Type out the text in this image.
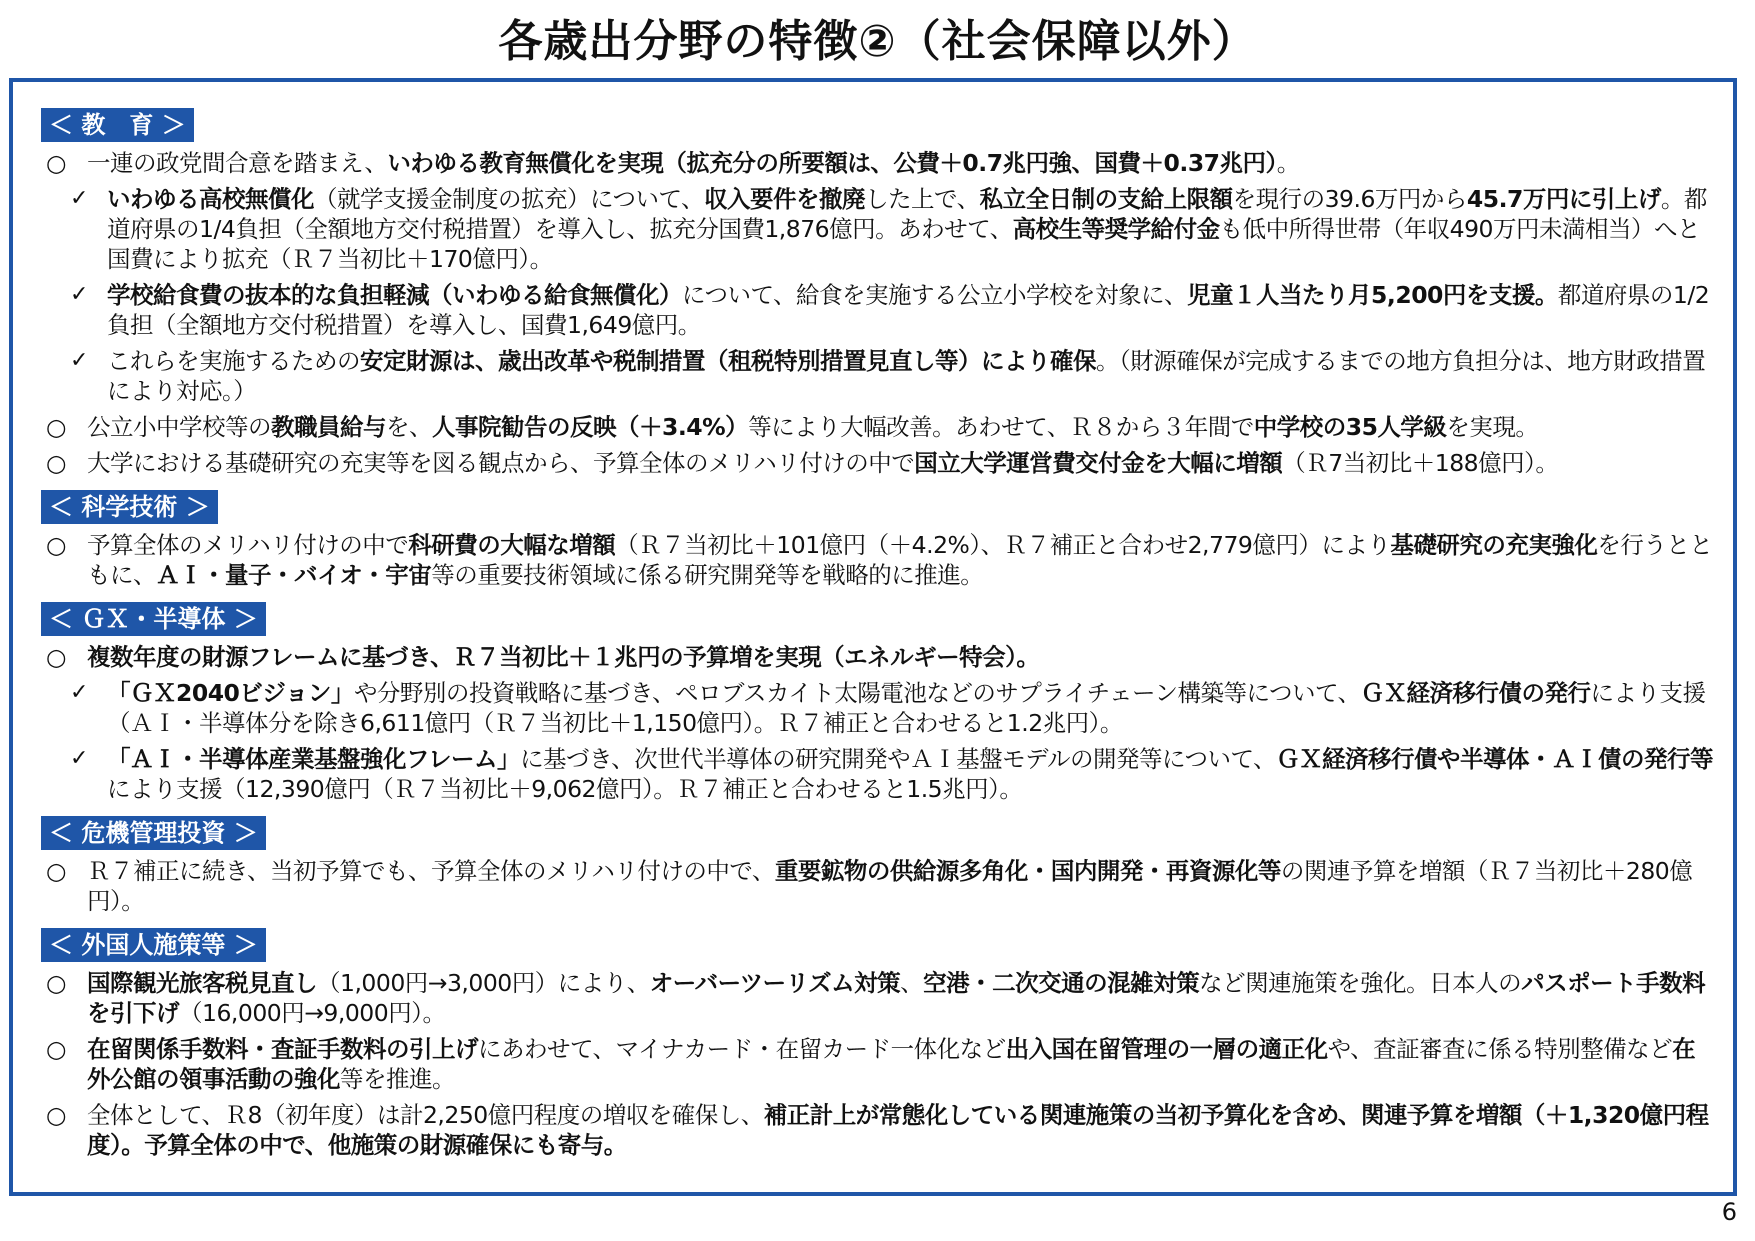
各歳出分野の特徴②（社会保障以外）
＜ 教　育 ＞
○ 一連の政党間合意を踏まえ、いわゆる教育無償化を実現（拡充分の所要額は、公費＋0.7兆円強、国費＋0.37兆円）。
✓ いわゆる高校無償化（就学支援金制度の拡充）について、収入要件を撤廃した上で、私立全日制の支給上限額を現行の39.6万円から45.7万円に引上げ。都道府県の1/4負担（全額地方交付税措置）を導入し、拡充分国費1,876億円。あわせて、高校生等奨学給付金も低中所得世帯（年収490万円未満相当）へと国費により拡充（Ｒ７当初比＋170億円）。
✓ 学校給食費の抜本的な負担軽減（いわゆる給食無償化）について、給食を実施する公立小学校を対象に、児童１人当たり月5,200円を支援。都道府県の1/2負担（全額地方交付税措置）を導入し、国費1,649億円。
✓ これらを実施するための安定財源は、歳出改革や税制措置（租税特別措置見直し等）により確保。（財源確保が完成するまでの地方負担分は、地方財政措置により対応。）
○ 公立小中学校等の教職員給与を、人事院勧告の反映（＋3.4%）等により大幅改善。あわせて、Ｒ８から３年間で中学校の35人学級を実現。
○ 大学における基礎研究の充実等を図る観点から、予算全体のメリハリ付けの中で国立大学運営費交付金を大幅に増額（Ｒ7当初比＋188億円）。
＜ 科学技術 ＞
○ 予算全体のメリハリ付けの中で科研費の大幅な増額（Ｒ７当初比＋101億円（＋4.2%）、Ｒ７補正と合わせ2,779億円）により基礎研究の充実強化を行うとともに、ＡＩ・量子・バイオ・宇宙等の重要技術領域に係る研究開発等を戦略的に推進。
＜ ＧＸ・半導体 ＞
○ 複数年度の財源フレームに基づき、Ｒ７当初比＋１兆円の予算増を実現（エネルギー特会）。
✓ 「ＧＸ2040ビジョン」や分野別の投資戦略に基づき、ペロブスカイト太陽電池などのサプライチェーン構築等について、ＧＸ経済移行債の発行により支援（ＡＩ・半導体分を除き6,611億円（Ｒ７当初比＋1,150億円）。Ｒ７補正と合わせると1.2兆円）。
✓ 「ＡＩ・半導体産業基盤強化フレーム」に基づき、次世代半導体の研究開発やＡＩ基盤モデルの開発等について、ＧＸ経済移行債や半導体・ＡＩ債の発行等により支援（12,390億円（Ｒ７当初比＋9,062億円）。Ｒ７補正と合わせると1.5兆円）。
＜ 危機管理投資 ＞
○ Ｒ７補正に続き、当初予算でも、予算全体のメリハリ付けの中で、重要鉱物の供給源多角化・国内開発・再資源化等の関連予算を増額（Ｒ７当初比＋280億円）。
＜ 外国人施策等 ＞
○ 国際観光旅客税見直し（1,000円→3,000円）により、オーバーツーリズム対策、空港・二次交通の混雑対策など関連施策を強化。日本人のパスポート手数料を引下げ（16,000円→9,000円）。
○ 在留関係手数料・査証手数料の引上げにあわせて、マイナカード・在留カード一体化など出入国在留管理の一層の適正化や、査証審査に係る特別整備など在外公館の領事活動の強化等を推進。
○ 全体として、Ｒ8（初年度）は計2,250億円程度の増収を確保し、補正計上が常態化している関連施策の当初予算化を含め、関連予算を増額（＋1,320億円程度）。予算全体の中で、他施策の財源確保にも寄与。
6
